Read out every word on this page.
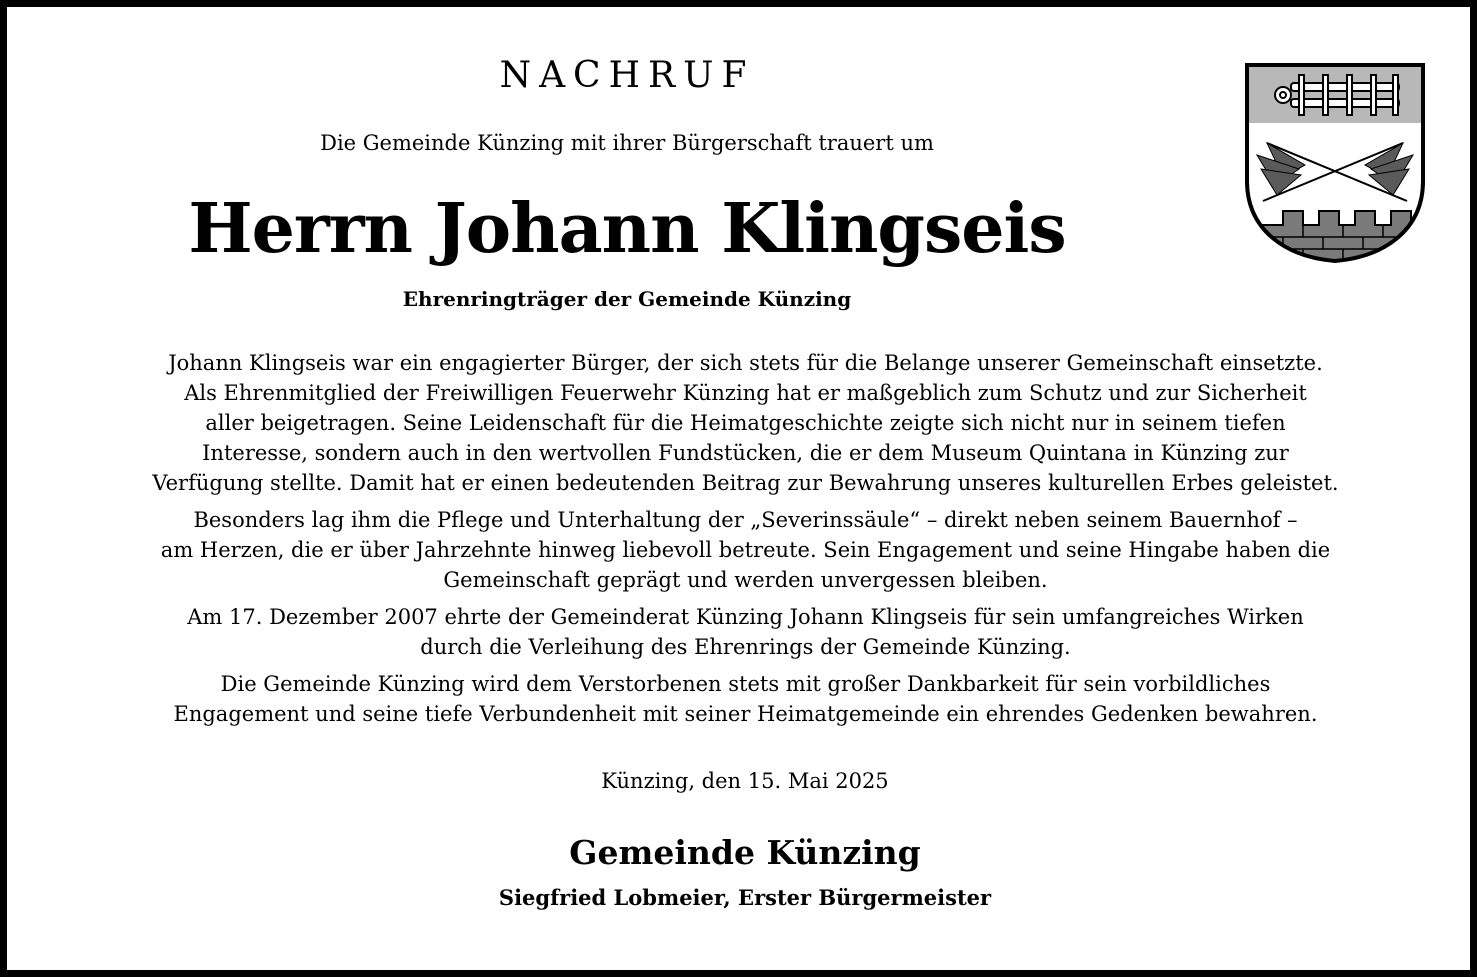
NACHRUF
Die Gemeinde Künzing mit ihrer Bürgerschaft trauert um
Herrn Johann Klingseis
Ehrenringträger der Gemeinde Künzing

Johann Klingseis war ein engagierter Bürger, der sich stets für die Belange unserer Gemeinschaft einsetzte.
Als Ehrenmitglied der Freiwilligen Feuerwehr Künzing hat er maßgeblich zum Schutz und zur Sicherheit
aller beigetragen. Seine Leidenschaft für die Heimatgeschichte zeigte sich nicht nur in seinem tiefen
Interesse, sondern auch in den wertvollen Fundstücken, die er dem Museum Quintana in Künzing zur
Verfügung stellte. Damit hat er einen bedeutenden Beitrag zur Bewahrung unseres kulturellen Erbes geleistet.

Besonders lag ihm die Pflege und Unterhaltung der „Severinssäule“ – direkt neben seinem Bauernhof –
am Herzen, die er über Jahrzehnte hinweg liebevoll betreute. Sein Engagement und seine Hingabe haben die
Gemeinschaft geprägt und werden unvergessen bleiben.

Am 17. Dezember 2007 ehrte der Gemeinderat Künzing Johann Klingseis für sein umfangreiches Wirken
durch die Verleihung des Ehrenrings der Gemeinde Künzing.

Die Gemeinde Künzing wird dem Verstorbenen stets mit großer Dankbarkeit für sein vorbildliches
Engagement und seine tiefe Verbundenheit mit seiner Heimatgemeinde ein ehrendes Gedenken bewahren.

Künzing, den 15. Mai 2025
Gemeinde Künzing
Siegfried Lobmeier, Erster Bürgermeister
